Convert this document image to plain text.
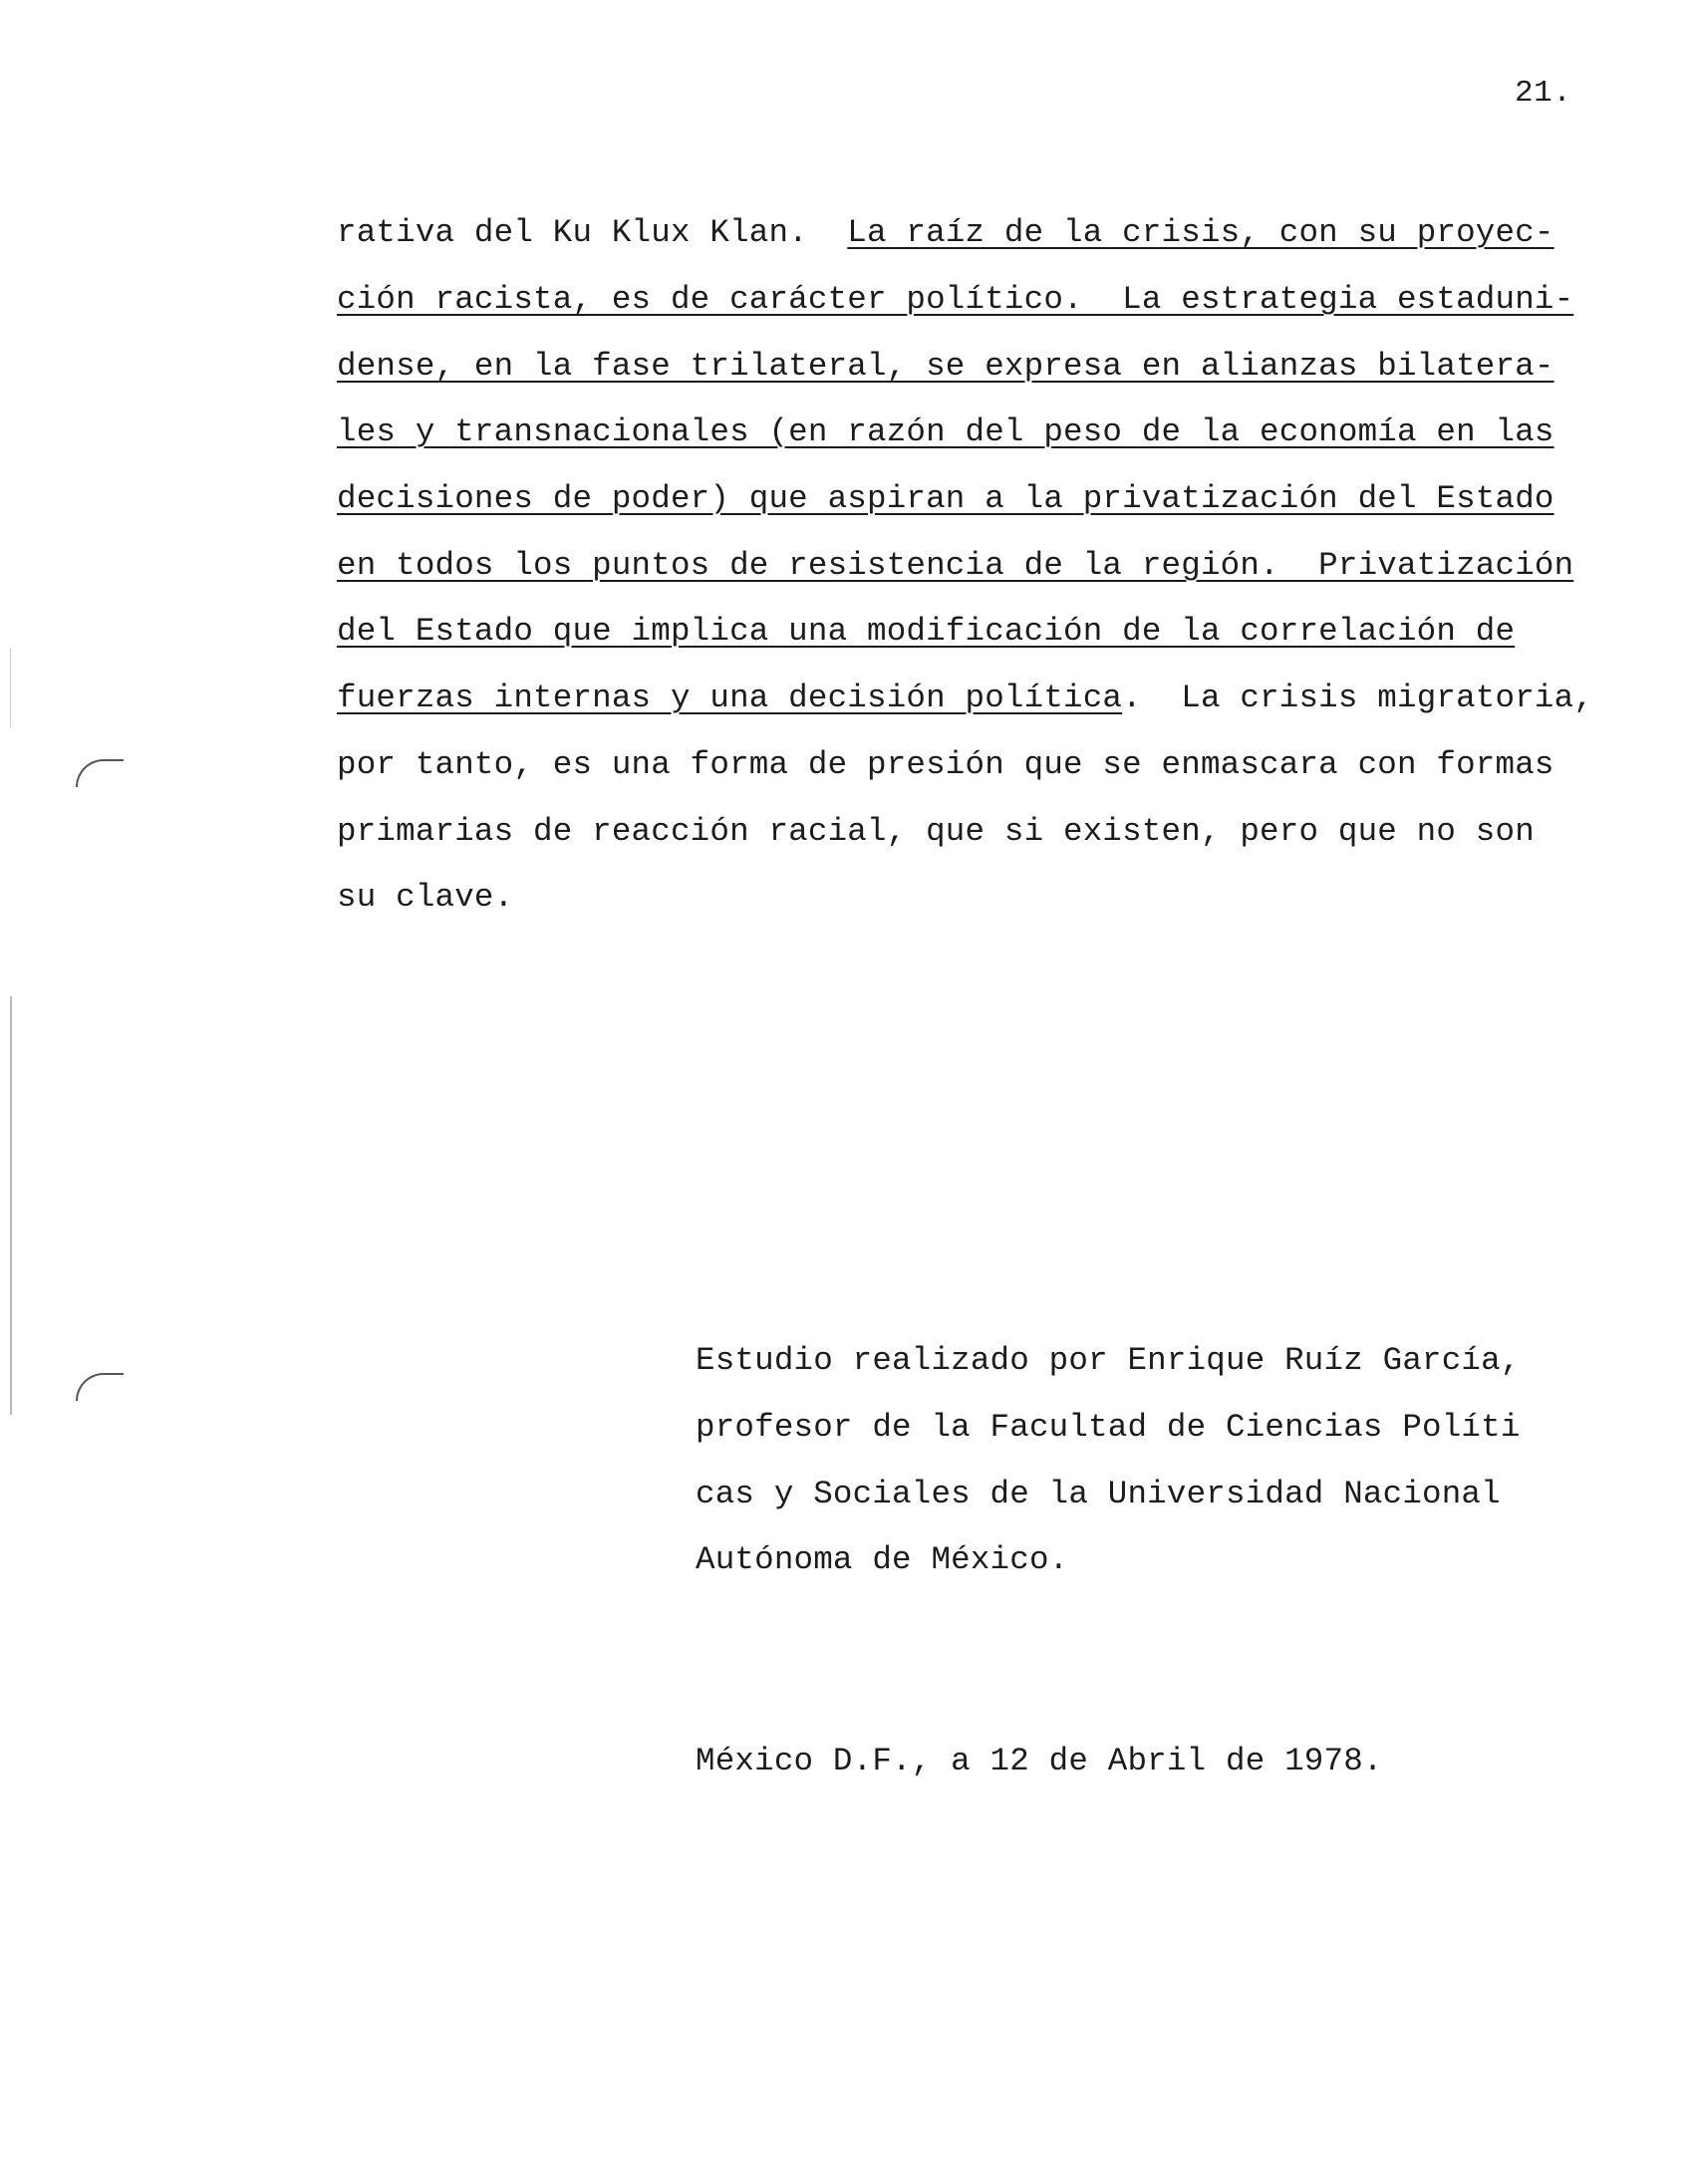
21.
rativa del Ku Klux Klan.  La raíz de la crisis, con su proyec-
ción racista, es de carácter político.  La estrategia estaduni-
dense, en la fase trilateral, se expresa en alianzas bilatera-
les y transnacionales (en razón del peso de la economía en las
decisiones de poder) que aspiran a la privatización del Estado
en todos los puntos de resistencia de la región.  Privatización
del Estado que implica una modificación de la correlación de
fuerzas internas y una decisión política.  La crisis migratoria,
por tanto, es una forma de presión que se enmascara con formas
primarias de reacción racial, que si existen, pero que no son
su clave.
Estudio realizado por Enrique Ruíz García,
profesor de la Facultad de Ciencias Políti
cas y Sociales de la Universidad Nacional
Autónoma de México.
México D.F., a 12 de Abril de 1978.
